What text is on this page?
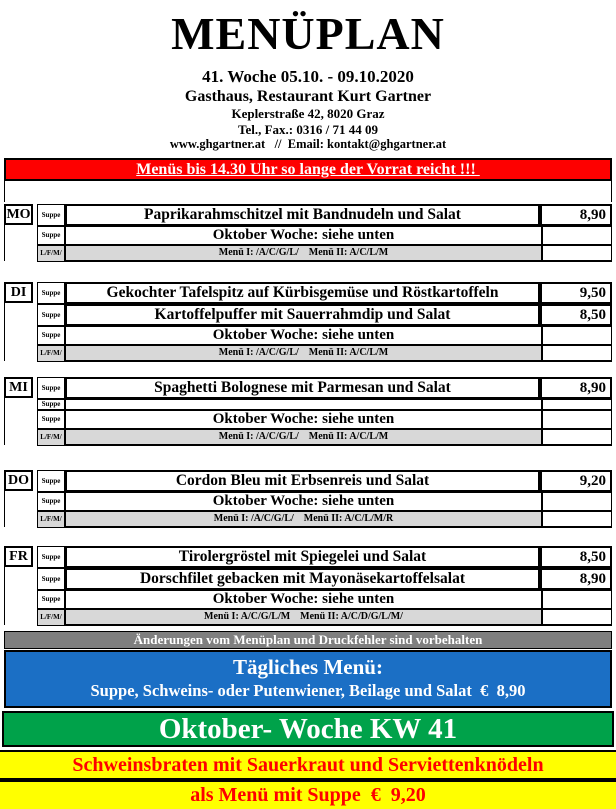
MENÜPLAN
41. Woche 05.10. - 09.10.2020
Gasthaus, Restaurant Kurt Gartner
Keplerstraße 42, 8020 Graz
Tel., Fax.: 0316 / 71 44 09
www.ghgartner.at   //  Email: kontakt@ghgartner.at
Menüs bis 14.30 Uhr so lange der Vorrat reicht !!!
MO	Suppe	Paprikarahmschitzel mit Bandnudeln und Salat	8,90
Suppe	Oktober Woche: siehe unten
L/F/M/	Menü I: /A/C/G/L/    Menü II: A/C/L/M
DI	Suppe	Gekochter Tafelspitz auf Kürbisgemüse und Röstkartoffeln	9,50
Suppe	Kartoffelpuffer mit Sauerrahmdip und Salat	8,50
Suppe	Oktober Woche: siehe unten
L/F/M/	Menü I: /A/C/G/L/    Menü II: A/C/L/M
MI	Suppe	Spaghetti Bolognese mit Parmesan und Salat	8,90
Suppe
Suppe	Oktober Woche: siehe unten
L/F/M/	Menü I: /A/C/G/L/    Menü II: A/C/L/M
DO	Suppe	Cordon Bleu mit Erbsenreis und Salat	9,20
Suppe	Oktober Woche: siehe unten
L/F/M/	Menü I: /A/C/G/L/    Menü II: A/C/L/M/R
FR	Suppe	Tirolergröstel mit Spiegelei und Salat	8,50
Suppe	Dorschfilet gebacken mit Mayonäsekartoffelsalat	8,90
Suppe	Oktober Woche: siehe unten
L/F/M/	Menü I: A/C/G/L/M    Menü II: A/C/D/G/L/M/
Änderungen vom Menüplan und Druckfehler sind vorbehalten
Tägliches Menü:
Suppe, Schweins- oder Putenwiener, Beilage und Salat  €  8,90
Oktober- Woche KW 41
Schweinsbraten mit Sauerkraut und Serviettenknödeln
als Menü mit Suppe  €  9,20
